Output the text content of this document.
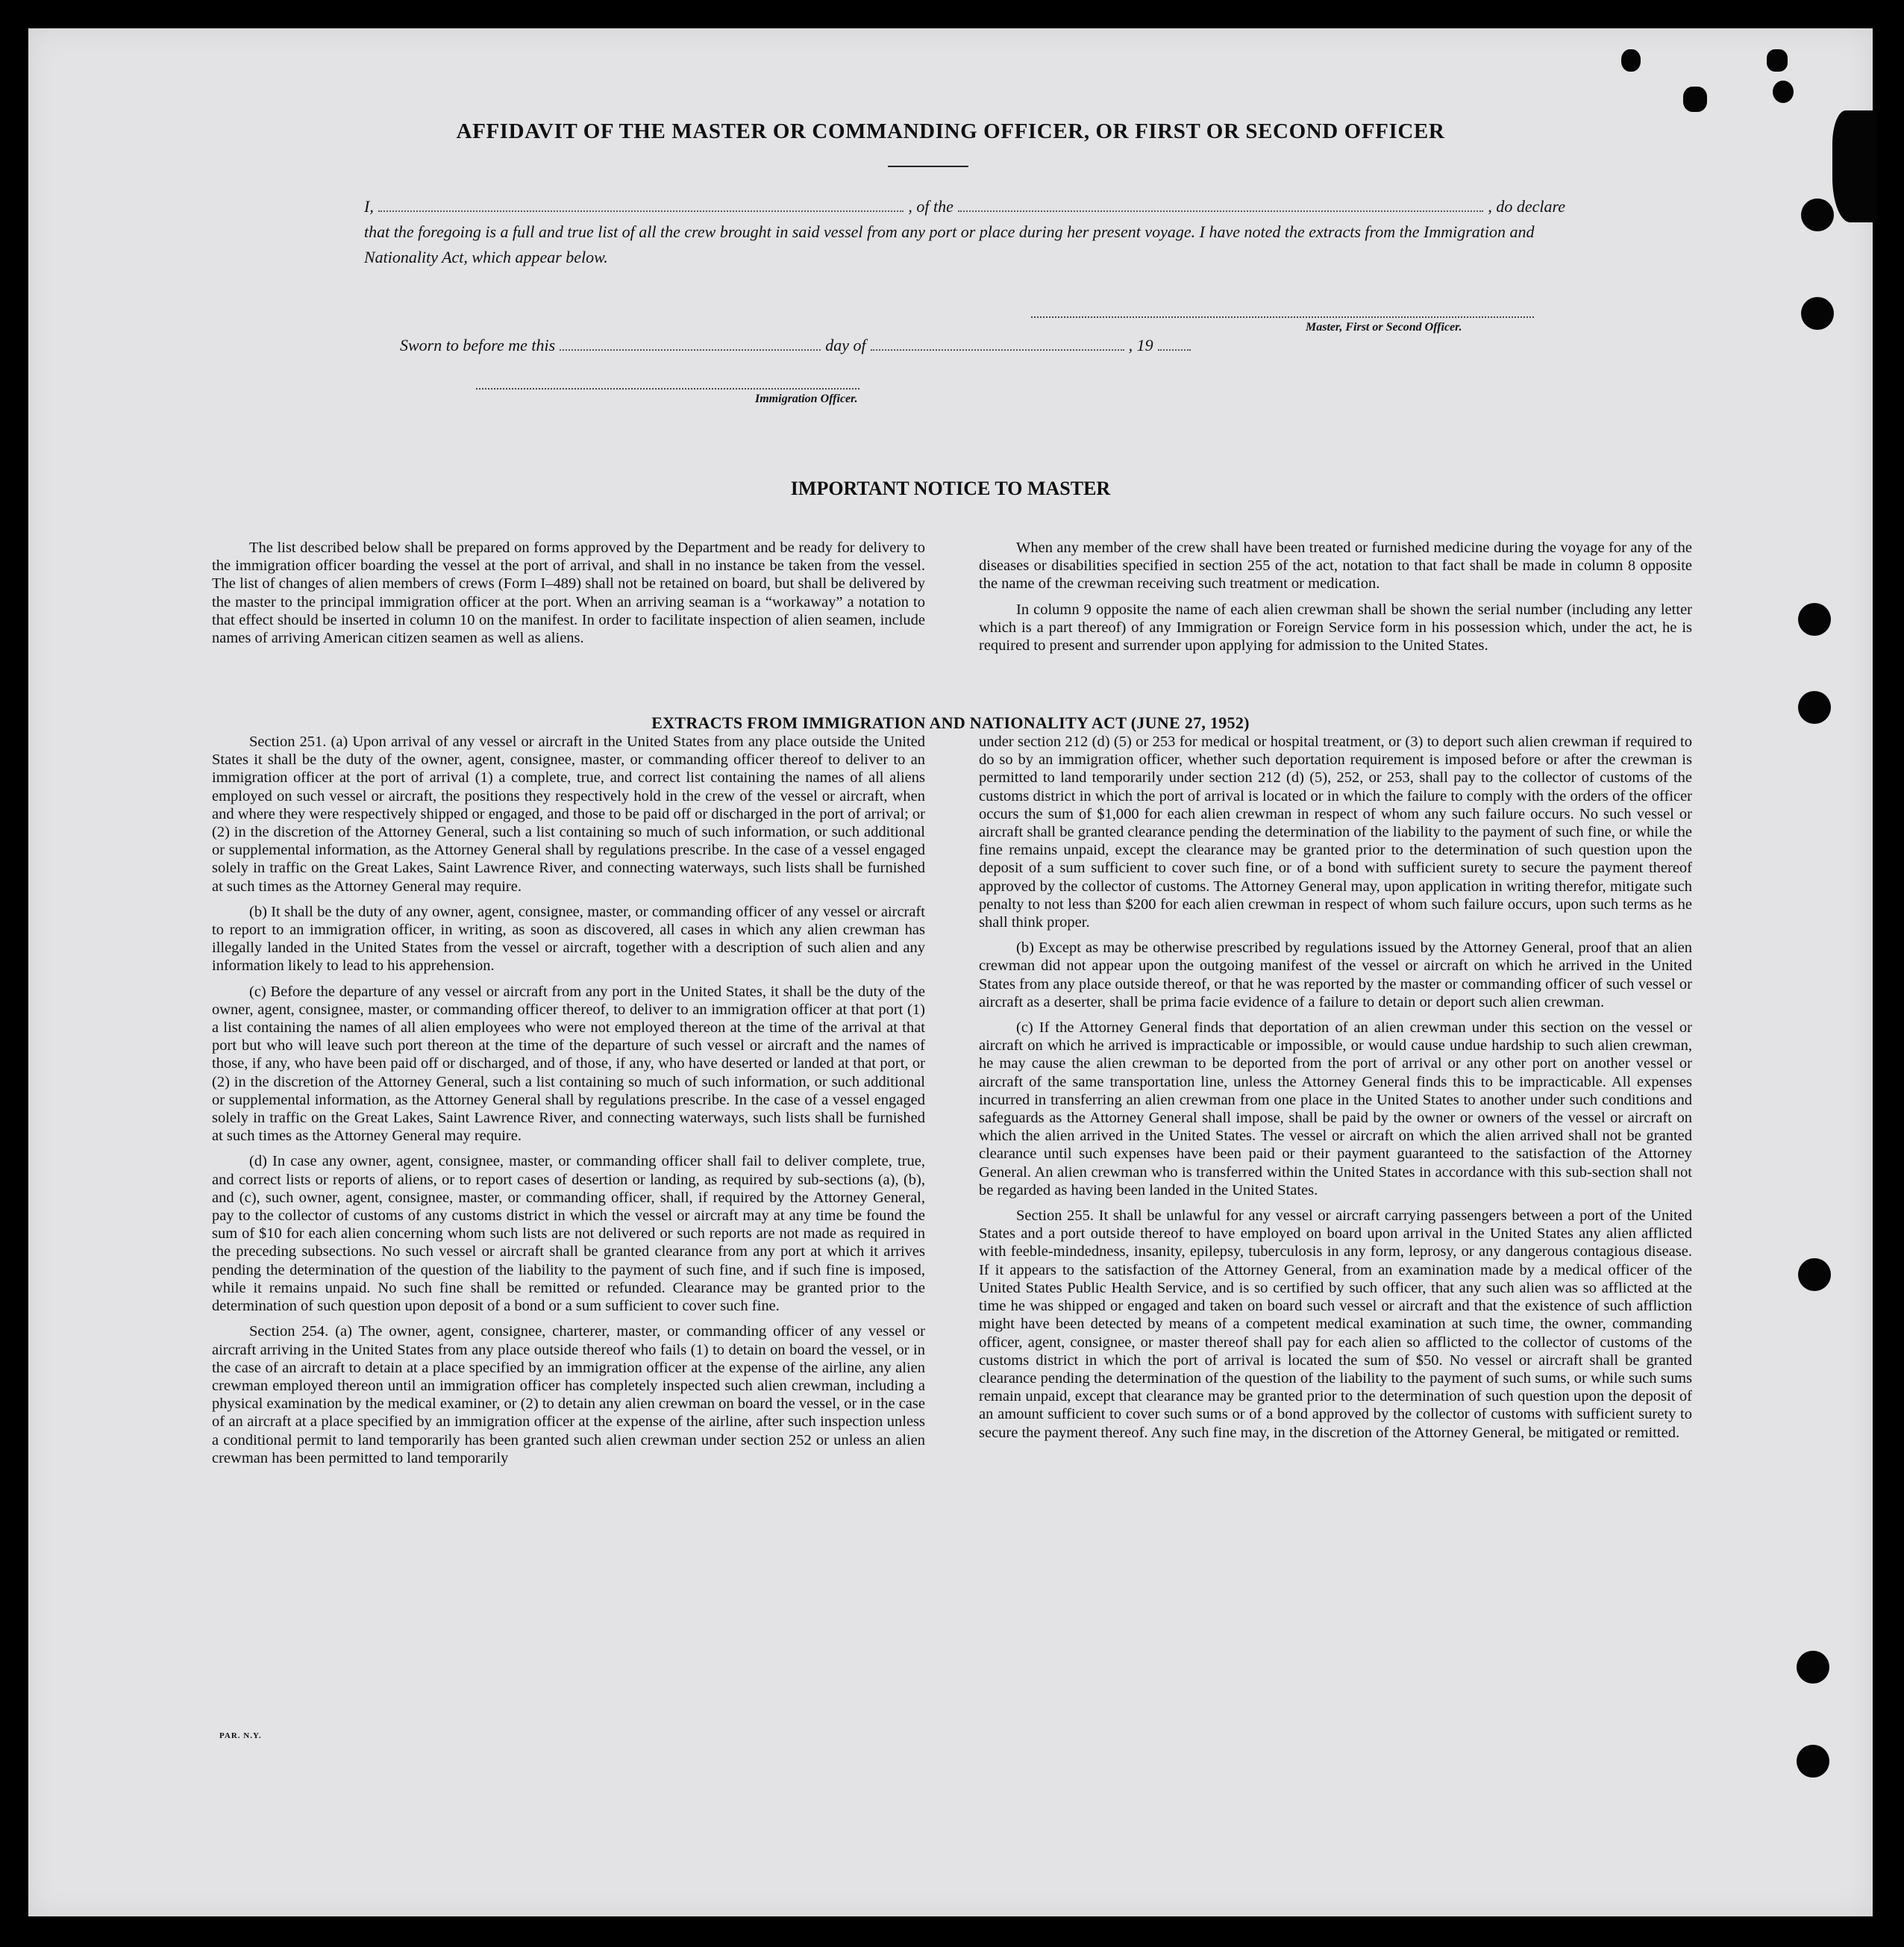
AFFIDAVIT OF THE MASTER OR COMMANDING OFFICER, OR FIRST OR SECOND OFFICER
I,	, of the	, do declare

that the foregoing is a full and true list of all the crew brought in said vessel from any port or place during her present voyage. I have noted the extracts from the Immigration and Nationality Act, which appear below.

Master, First or Second Officer.
Sworn to before me this	day of	, 19
Immigration Officer.
IMPORTANT NOTICE TO MASTER

The list described below shall be prepared on forms approved by the Department and be ready for delivery to the immigration officer boarding the vessel at the port of arrival, and shall in no instance be taken from the vessel. The list of changes of alien members of crews (Form I–489) shall not be retained on board, but shall be delivered by the master to the principal immigration officer at the port. When an arriving seaman is a “workaway” a notation to that effect should be inserted in column 10 on the manifest. In order to facilitate inspection of alien seamen, include names of arriving American citizen seamen as well as aliens.

When any member of the crew shall have been treated or furnished medicine during the voyage for any of the diseases or disabilities specified in section 255 of the act, notation to that fact shall be made in column 8 opposite the name of the crewman receiving such treatment or medication.

In column 9 opposite the name of each alien crewman shall be shown the serial number (including any letter which is a part thereof) of any Immigration or Foreign Service form in his possession which, under the act, he is required to present and surrender upon applying for admission to the United States.

EXTRACTS FROM IMMIGRATION AND NATIONALITY ACT (JUNE 27, 1952)

Section 251. (a) Upon arrival of any vessel or aircraft in the United States from any place outside the United States it shall be the duty of the owner, agent, consignee, master, or commanding officer thereof to deliver to an immigration officer at the port of arrival (1) a complete, true, and correct list containing the names of all aliens employed on such vessel or aircraft, the positions they respectively hold in the crew of the vessel or aircraft, when and where they were respectively shipped or engaged, and those to be paid off or discharged in the port of arrival; or (2) in the discretion of the Attorney General, such a list containing so much of such information, or such additional or supplemental information, as the Attorney General shall by regulations prescribe. In the case of a vessel engaged solely in traffic on the Great Lakes, Saint Lawrence River, and connecting waterways, such lists shall be furnished at such times as the Attorney General may require.

(b) It shall be the duty of any owner, agent, consignee, master, or commanding officer of any vessel or aircraft to report to an immigration officer, in writing, as soon as discovered, all cases in which any alien crewman has illegally landed in the United States from the vessel or aircraft, together with a description of such alien and any information likely to lead to his apprehension.

(c) Before the departure of any vessel or aircraft from any port in the United States, it shall be the duty of the owner, agent, consignee, master, or commanding officer thereof, to deliver to an immigration officer at that port (1) a list containing the names of all alien employees who were not employed thereon at the time of the arrival at that port but who will leave such port thereon at the time of the departure of such vessel or aircraft and the names of those, if any, who have been paid off or discharged, and of those, if any, who have deserted or landed at that port, or (2) in the discretion of the Attorney General, such a list containing so much of such information, or such additional or supplemental information, as the Attorney General shall by regulations prescribe. In the case of a vessel engaged solely in traffic on the Great Lakes, Saint Lawrence River, and connecting waterways, such lists shall be furnished at such times as the Attorney General may require.

(d) In case any owner, agent, consignee, master, or commanding officer shall fail to deliver complete, true, and correct lists or reports of aliens, or to report cases of desertion or landing, as required by sub-sections (a), (b), and (c), such owner, agent, consignee, master, or commanding officer, shall, if required by the Attorney General, pay to the collector of customs of any customs district in which the vessel or aircraft may at any time be found the sum of $10 for each alien concerning whom such lists are not delivered or such reports are not made as required in the preceding subsections. No such vessel or aircraft shall be granted clearance from any port at which it arrives pending the determination of the question of the liability to the payment of such fine, and if such fine is imposed, while it remains unpaid. No such fine shall be remitted or refunded. Clearance may be granted prior to the determination of such question upon deposit of a bond or a sum sufficient to cover such fine.

Section 254. (a) The owner, agent, consignee, charterer, master, or commanding officer of any vessel or aircraft arriving in the United States from any place outside thereof who fails (1) to detain on board the vessel, or in the case of an aircraft to detain at a place specified by an immigration officer at the expense of the airline, any alien crewman employed thereon until an immigration officer has completely inspected such alien crewman, including a physical examination by the medical examiner, or (2) to detain any alien crewman on board the vessel, or in the case of an aircraft at a place specified by an immigration officer at the expense of the airline, after such inspection unless a conditional permit to land temporarily has been granted such alien crewman under section 252 or unless an alien crewman has been permitted to land temporarily

under section 212 (d) (5) or 253 for medical or hospital treatment, or (3) to deport such alien crewman if required to do so by an immigration officer, whether such deportation requirement is imposed before or after the crewman is permitted to land temporarily under section 212 (d) (5), 252, or 253, shall pay to the collector of customs of the customs district in which the port of arrival is located or in which the failure to comply with the orders of the officer occurs the sum of $1,000 for each alien crewman in respect of whom any such failure occurs. No such vessel or aircraft shall be granted clearance pending the determination of the liability to the payment of such fine, or while the fine remains unpaid, except the clearance may be granted prior to the determination of such question upon the deposit of a sum sufficient to cover such fine, or of a bond with sufficient surety to secure the payment thereof approved by the collector of customs. The Attorney General may, upon application in writing therefor, mitigate such penalty to not less than $200 for each alien crewman in respect of whom such failure occurs, upon such terms as he shall think proper.

(b) Except as may be otherwise prescribed by regulations issued by the Attorney General, proof that an alien crewman did not appear upon the outgoing manifest of the vessel or aircraft on which he arrived in the United States from any place outside thereof, or that he was reported by the master or commanding officer of such vessel or aircraft as a deserter, shall be prima facie evidence of a failure to detain or deport such alien crewman.

(c) If the Attorney General finds that deportation of an alien crewman under this section on the vessel or aircraft on which he arrived is impracticable or impossible, or would cause undue hardship to such alien crewman, he may cause the alien crewman to be deported from the port of arrival or any other port on another vessel or aircraft of the same transportation line, unless the Attorney General finds this to be impracticable. All expenses incurred in transferring an alien crewman from one place in the United States to another under such conditions and safeguards as the Attorney General shall impose, shall be paid by the owner or owners of the vessel or aircraft on which the alien arrived in the United States. The vessel or aircraft on which the alien arrived shall not be granted clearance until such expenses have been paid or their payment guaranteed to the satisfaction of the Attorney General. An alien crewman who is transferred within the United States in accordance with this sub-section shall not be regarded as having been landed in the United States.

Section 255. It shall be unlawful for any vessel or aircraft carrying passengers between a port of the United States and a port outside thereof to have employed on board upon arrival in the United States any alien afflicted with feeble-mindedness, insanity, epilepsy, tuberculosis in any form, leprosy, or any dangerous contagious disease. If it appears to the satisfaction of the Attorney General, from an examination made by a medical officer of the United States Public Health Service, and is so certified by such officer, that any such alien was so afflicted at the time he was shipped or engaged and taken on board such vessel or aircraft and that the existence of such affliction might have been detected by means of a competent medical examination at such time, the owner, commanding officer, agent, consignee, or master thereof shall pay for each alien so afflicted to the collector of customs of the customs district in which the port of arrival is located the sum of $50. No vessel or aircraft shall be granted clearance pending the determination of the question of the liability to the payment of such sums, or while such sums remain unpaid, except that clearance may be granted prior to the determination of such question upon the deposit of an amount sufficient to cover such sums or of a bond approved by the collector of customs with sufficient surety to secure the payment thereof. Any such fine may, in the discretion of the Attorney General, be mitigated or remitted.

PAR. N.Y.
